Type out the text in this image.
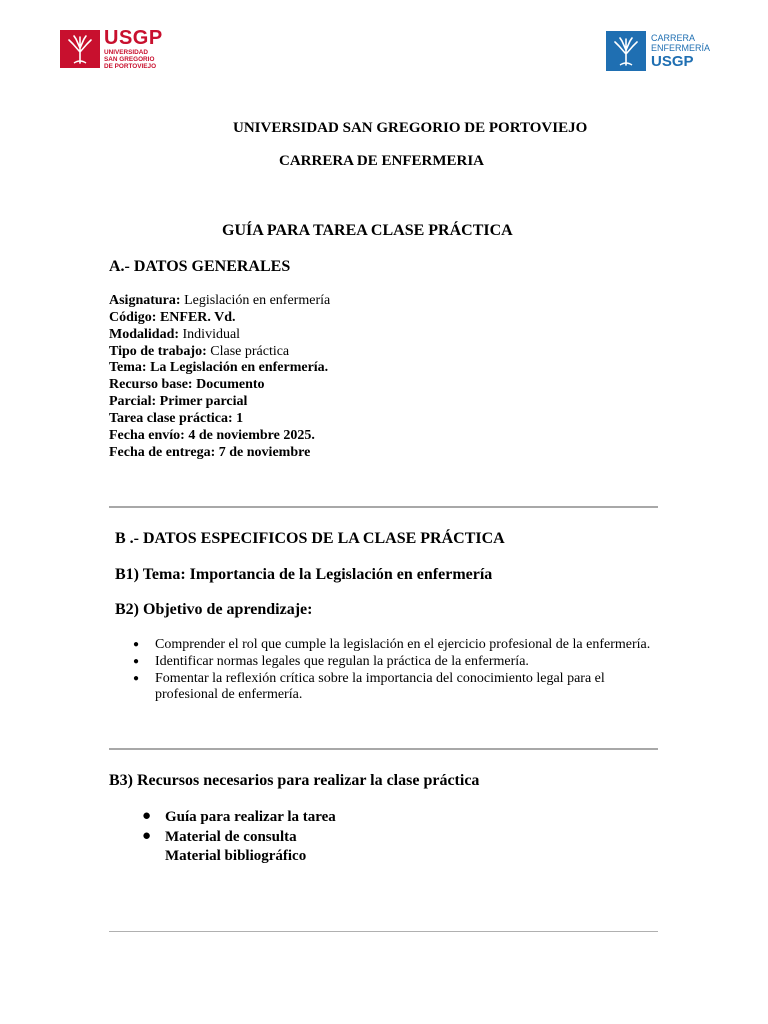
USGP
UNIVERSIDAD
SAN GREGORIO
DE PORTOVIEJO
CARRERA
ENFERMERÍA
USGP
UNIVERSIDAD SAN GREGORIO DE PORTOVIEJO
CARRERA DE ENFERMERIA
GUÍA PARA TAREA CLASE PRÁCTICA
A.- DATOS GENERALES
Asignatura: Legislación en enfermería
Código: ENFER. Vd.
Modalidad: Individual
Tipo de trabajo: Clase práctica
Tema: La Legislación en enfermería.
Recurso base: Documento
Parcial: Primer parcial
Tarea clase práctica: 1
Fecha envío: 4 de noviembre 2025.
Fecha de entrega: 7 de noviembre
B .- DATOS ESPECIFICOS DE LA CLASE PRÁCTICA
B1) Tema: Importancia de la Legislación en enfermería
B2) Objetivo de aprendizaje:
● Comprender el rol que cumple la legislación en el ejercicio profesional de la enfermería.
● Identificar normas legales que regulan la práctica de la enfermería.
● Fomentar la reflexión crítica sobre la importancia del conocimiento legal para el profesional de enfermería.
B3) Recursos necesarios para realizar la clase práctica
● Guía para realizar la tarea
● Material de consulta
Material bibliográfico
